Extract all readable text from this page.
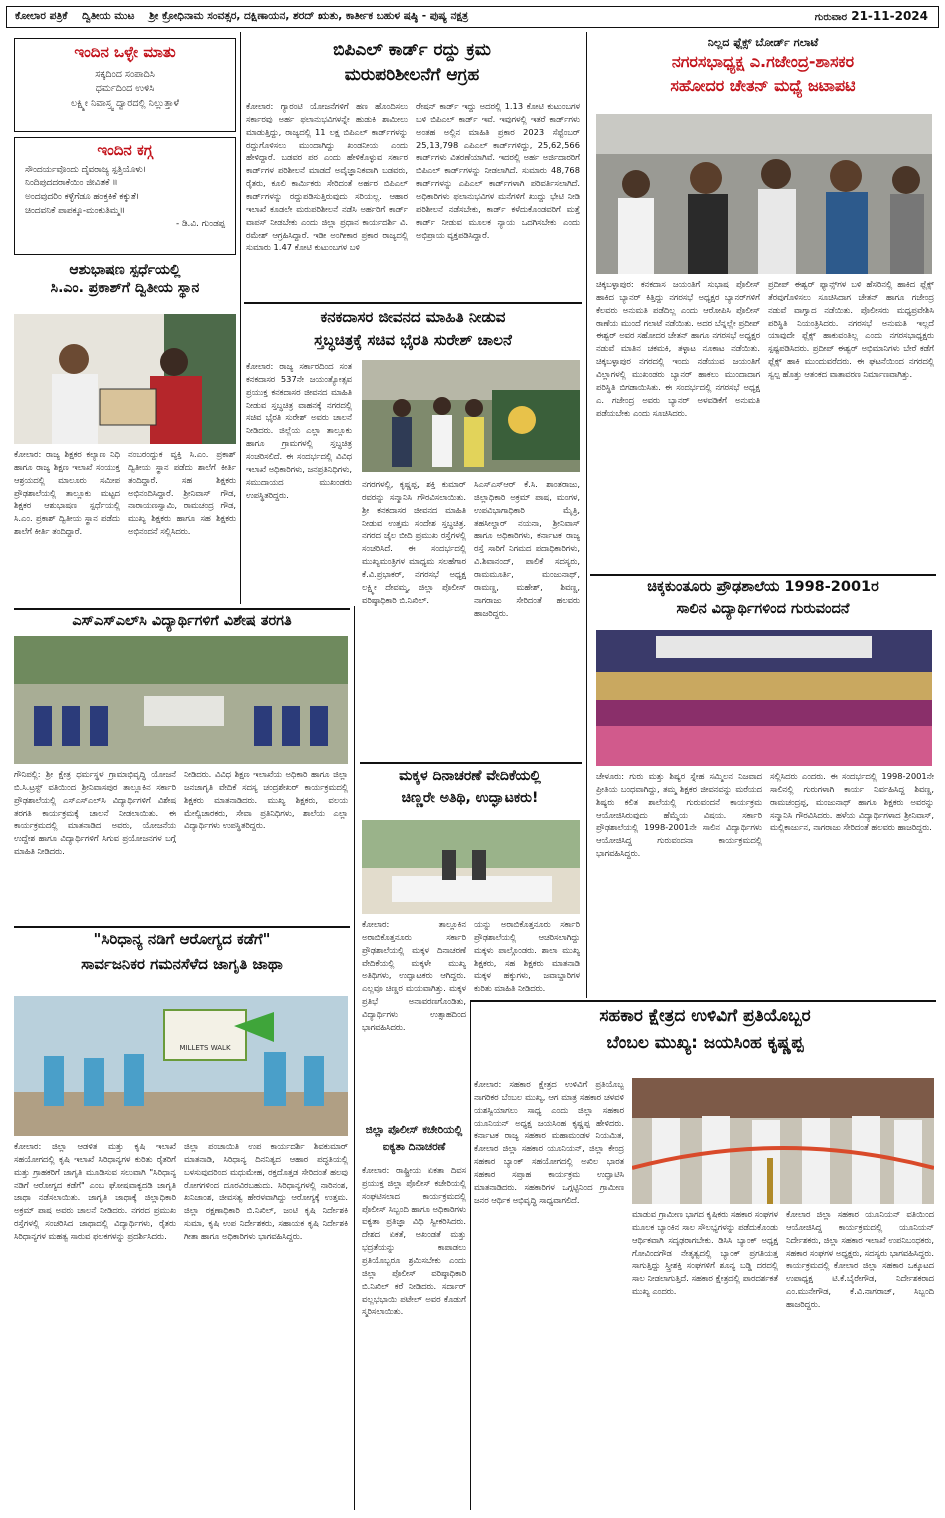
ಕೋಲಾರ ಪತ್ರಿಕೆ ದ್ವಿತೀಯ ಮುಟ ಶ್ರೀ ಕ್ರೋಧಿನಾಮ ಸಂವತ್ಸರ, ದಕ್ಷಿಣಾಯನ, ಶರದ್ ಋತು, ಕಾರ್ತೀಕ ಬಹುಳ ಷಷ್ಠಿ - ಪುಷ್ಯ ನಕ್ಷತ್ರ	ಗುರುವಾರ 21-11-2024
ಇಂದಿನ ಒಳ್ಳೇ ಮಾತು
ಸಕ್ಕದಿಂದ ಸಂಪಾದಿಸಿ
ಧರ್ಮದಿಂದ ಉಳಿಸಿ
ಲಕ್ಷ್ಮೀ ನಿವಾಸ್ತ್ವ ದ್ವಾರದಲ್ಲಿ ನಿಲ್ಲುತ್ತಾಳೆ
ಇಂದಿನ ಕಗ್ಗ
ಸೌಂದರ್ಯವೊಂದು ದೈವರಾಜ್ಯ ಸ್ಪತ್ತಿಯೊಳು।
ನಿಂದಿಪುದದರಾಕೆಯಿಂ ಜೀವಿತಕೆ ॥
ಅಂದವುದರಿಂ ಕಳ್ಳೆಗೆಡೂ ಹಂಕ್ತಕಿಕೆ ಕಕ್ಕುತೆ।
ಚಿಂದವನಿಕೆ ಪಾಪಕ್ಕೂ-ಮಂಕುತಿಮ್ಮ॥
- ಡಿ.ವಿ. ಗುಂಡಪ್ಪ
ಆಶುಭಾಷಣ ಸ್ಪರ್ಧೆಯಲ್ಲಿ
ಸಿ.ಎಂ. ಪ್ರಕಾಶ್‌ಗೆ ದ್ವಿತೀಯ ಸ್ಥಾನ
ಕೋಲಾರ: ರಾಜ್ಯ ಶಿಕ್ಷಕರ ಕಲ್ಯಾಣ ನಿಧಿ ಹಾಗೂ ರಾಜ್ಯ ಶಿಕ್ಷಣ ಇಲಾಖೆ ಸಂಯುಕ್ತ ಆಶ್ರಯದಲ್ಲಿ ಮಾಲೂರು ಸಮೀಪ ಪ್ರೌಢಶಾಲೆಯಲ್ಲಿ ತಾಲ್ಲೂಕು ಮಟ್ಟದ ಶಿಕ್ಷಕರ ಆಶುಭಾಷಣ ಸ್ಪರ್ಧೆಯಲ್ಲಿ ಸಿ.ಎಂ. ಪ್ರಕಾಶ್ ದ್ವಿತೀಯ ಸ್ಥಾನ ಪಡೆದು ಶಾಲೆಗೆ ಕೀರ್ತಿ ತಂದಿದ್ದಾರೆ.
ನಂಬರಂದ್ದುಕ ವ್ಯಕ್ತಿ ಸಿ.ಎಂ. ಪ್ರಕಾಶ್ ದ್ವಿತೀಯ ಸ್ಥಾನ ಪಡೆದು ಶಾಲೆಗೆ ಕೀರ್ತಿ ತಂದಿದ್ದಾರೆ. ಸಹ ಶಿಕ್ಷಕರು ಅಭಿನಂದಿಸಿದ್ದಾರೆ. ಶ್ರೀನಿವಾಸ್ ಗೌಡ, ನಾರಾಯಣಸ್ವಾಮಿ, ರಾಮಚಂದ್ರ ಗೌಡ, ಮುಖ್ಯ ಶಿಕ್ಷಕರು ಹಾಗೂ ಸಹ ಶಿಕ್ಷಕರು ಅಭಿನಂದನೆ ಸಲ್ಲಿಸಿದರು.
ಬಿಪಿಎಲ್ ಕಾರ್ಡ್ ರದ್ದು ಕ್ರಮ
ಮರುಪರಿಶೀಲನೆಗೆ ಆಗ್ರಹ
ಕೋಲಾರ: ಗ್ಯಾರಂಟಿ ಯೋಜನೆಗಳಿಗೆ ಹಣ ಹೊಂದಿಸಲು ಸರ್ಕಾರವು ಅರ್ಹ ಫಲಾನುಭವಿಗಳನ್ನೇ ಹುಡುಕಿ ಶಾಮೀಲು ಮಾಡುತ್ತಿದ್ದು, ರಾಜ್ಯದಲ್ಲಿ 11 ಲಕ್ಷ ಬಿಪಿಎಲ್ ಕಾರ್ಡ್‌ಗಳನ್ನು ರದ್ದುಗೊಳಿಸಲು ಮುಂದಾಗಿದ್ದು ಖಂಡನೀಯ ಎಂದು ಹೇಳಿದ್ದಾರೆ. ಬಡವರ ಪರ ಎಂದು ಹೇಳಿಕೊಳ್ಳುವ ಸರ್ಕಾರ ಕಾರ್ಡ್‌ಗಳ ಪರಿಶೀಲನೆ ಮಾಡದೆ ಅವೈಜ್ಞಾನಿಕವಾಗಿ ಬಡವರು, ರೈತರು, ಕೂಲಿ ಕಾರ್ಮಿಕರು ಸೇರಿದಂತೆ ಅರ್ಹರ ಬಿಪಿಎಲ್ ಕಾರ್ಡ್‌ಗಳನ್ನು ರದ್ದುಪಡಿಸುತ್ತಿರುವುದು ಸರಿಯಲ್ಲ. ಆಹಾರ ಇಲಾಖೆ ಕೂಡಲೇ ಮರುಪರಿಶೀಲನೆ ನಡೆಸಿ ಅರ್ಹರಿಗೆ ಕಾರ್ಡ್ ವಾಪಸ್ ನೀಡಬೇಕು ಎಂದು ಜಿಲ್ಲಾ ಪ್ರಧಾನ ಕಾರ್ಯದರ್ಶಿ ವಿ. ರಮೇಶ್ ಆಗ್ರಹಿಸಿದ್ದಾರೆ. ಇಡೀ ಅಂಗೀಕಾರ ಪ್ರಕಾರ ರಾಜ್ಯದಲ್ಲಿ ಸುಮಾರು 1.47 ಕೋಟಿ ಕುಟುಂಬಗಳ ಬಳಿ
ರೇಷನ್ ಕಾರ್ಡ್ ಇದ್ದು ಅದರಲ್ಲಿ 1.13 ಕೋಟಿ ಕುಟುಂಬಗಳ ಬಳಿ ಬಿಪಿಎಲ್ ಕಾರ್ಡ್ ಇವೆ. ಇವುಗಳಲ್ಲಿ ಇತರೆ ಕಾರ್ಡ್‌ಗಳು ಅಂತಹ ಅಲ್ಲಿನ ಮಾಹಿತಿ ಪ್ರಕಾರ 2023 ಸೆಪ್ಟೆಂಬರ್ 25,13,798 ಎಪಿಎಲ್ ಕಾರ್ಡ್‌ಗಳಿದ್ದು, 25,62,566 ಕಾರ್ಡ್‌ಗಳು ವಿತರಣೆಯಾಗಿವೆ. ಇದರಲ್ಲಿ ಅರ್ಹ ಅರ್ಜಿದಾರರಿಗೆ ಬಿಪಿಎಲ್ ಕಾರ್ಡ್‌ಗಳನ್ನು ನೀಡಲಾಗಿದೆ. ಸುಮಾರು 48,768 ಕಾರ್ಡ್‌ಗಳನ್ನು ಎಪಿಎಲ್ ಕಾರ್ಡ್‌ಗಳಾಗಿ ಪರಿವರ್ತಿಸಲಾಗಿದೆ. ಅಧಿಕಾರಿಗಳು ಫಲಾನುಭವಿಗಳ ಮನೆಗಳಿಗೆ ಖುದ್ದು ಭೇಟಿ ನೀಡಿ ಪರಿಶೀಲನೆ ನಡೆಸಬೇಕು, ಕಾರ್ಡ್ ಕಳೆದುಕೊಂಡವರಿಗೆ ಮತ್ತೆ ಕಾರ್ಡ್ ನೀಡುವ ಮೂಲಕ ನ್ಯಾಯ ಒದಗಿಸಬೇಕು ಎಂದು ಅಭಿಪ್ರಾಯ ವ್ಯಕ್ತಪಡಿಸಿದ್ದಾರೆ.
ಕನಕದಾಸರ ಜೀವನದ ಮಾಹಿತಿ ನೀಡುವ
ಸ್ತಬ್ಧಚಿತ್ರಕ್ಕೆ ಸಚಿವ ಭೈರತಿ ಸುರೇಶ್ ಚಾಲನೆ
ಕೋಲಾರ: ರಾಜ್ಯ ಸರ್ಕಾರದಿಂದ ಸಂತ ಕನಕದಾಸರ 537ನೇ ಜಯಂತ್ಯೋತ್ಸವ ಪ್ರಯುಕ್ತ ಕನಕದಾಸರ ಜೀವನದ ಮಾಹಿತಿ ನೀಡುವ ಸ್ತಬ್ಧಚಿತ್ರ ವಾಹನಕ್ಕೆ ನಗರದಲ್ಲಿ ಸಚಿವ ಭೈರತಿ ಸುರೇಶ್ ಅವರು ಚಾಲನೆ ನೀಡಿದರು. ಜಿಲ್ಲೆಯ ಎಲ್ಲಾ ತಾಲ್ಲೂಕು ಹಾಗೂ ಗ್ರಾಮಗಳಲ್ಲಿ ಸ್ತಬ್ಧಚಿತ್ರ ಸಂಚರಿಸಲಿದೆ. ಈ ಸಂದರ್ಭದಲ್ಲಿ ವಿವಿಧ ಇಲಾಖೆ ಅಧಿಕಾರಿಗಳು, ಜನಪ್ರತಿನಿಧಿಗಳು, ಸಮುದಾಯದ ಮುಖಂಡರು ಉಪಸ್ಥಿತರಿದ್ದರು.
ನಗರಗಳಲ್ಲಿ, ಕೃಷ್ಣಪ್ಪ, ಶಕ್ತಿ ಕುಮಾರ್ ರವರನ್ನು ಸನ್ಮಾನಿಸಿ ಗೌರವಿಸಲಾಯಿತು. ಶ್ರೀ ಕನಕದಾಸರ ಜೀವನದ ಮಾಹಿತಿ ನೀಡುವ ಉತ್ತಮ ಸಂದೇಶ ಸ್ತಬ್ಧಚಿತ್ರ. ನಗರದ ಜೈಲ ಬೀದಿ ಪ್ರಮುಖ ರಸ್ತೆಗಳಲ್ಲಿ ಸಂಚರಿಸಿದೆ. ಈ ಸಂದರ್ಭದಲ್ಲಿ ಮುಖ್ಯಮಂತ್ರಿಗಳ ಮಾಧ್ಯಮ ಸಲಹೆಗಾರ ಕೆ.ವಿ.ಪ್ರಭಾಕರ್, ನಗರಸಭೆ ಅಧ್ಯಕ್ಷ ಲಕ್ಷ್ಮೀ ದೇವಮ್ಮ, ಜಿಲ್ಲಾ ಪೊಲೀಸ್ ವರಿಷ್ಠಾಧಿಕಾರಿ ಬಿ.ನಿಖಿಲ್.
ಸಿಎಸ್‌ಎಸ್‌ಆರ್ ಕೆ.ಸಿ. ಶಾಂತರಾಜು, ಜಿಲ್ಲಾಧಿಕಾರಿ ಅಕ್ರಮ್ ಪಾಷ, ಮಂಗಳ, ಉಪವಿಭಾಗಾಧಿಕಾರಿ ಮೈತ್ರಿ, ತಹಸೀಲ್ದಾರ್ ನಯನಾ, ಶ್ರೀನಿವಾಸ್ ಹಾಗೂ ಅಧಿಕಾರಿಗಳು, ಕರ್ನಾಟಕ ರಾಜ್ಯ ರಸ್ತೆ ಸಾರಿಗೆ ನಿಗಮದ ಪದಾಧಿಕಾರಿಗಳು, ವಿ.ಶಿವಾನಂದ್, ಪಾಲಿಕೆ ಸದಸ್ಯರು, ರಾಮಮೂರ್ತಿ, ಮಂಜುನಾಥ್, ರಾಮಣ್ಣ, ಮಹೇಶ್, ಶಿವಣ್ಣ, ನಾಗರಾಜು ಸೇರಿದಂತೆ ಹಲವರು ಹಾಜರಿದ್ದರು.
ನಿಲ್ಲದ ಫ್ಲೆಕ್ಸ್ ಬೋರ್ಡ್ ಗಲಾಟೆ
ನಗರಸಭಾಧ್ಯಕ್ಷ ಎ.ಗಜೇಂದ್ರ-ಶಾಸಕರ
ಸಹೋದರ ಚೇತನ್ ಮಧ್ಯೆ ಜಟಾಪಟಿ
ಚಿಕ್ಕಬಳ್ಳಾಪುರ: ಕನಕದಾಸ ಜಯಂತಿಗೆ ಸುಭಾಷ ಪೊಲೀಸ್ ಹಾಕಿದ ಬ್ಯಾನರ್ ಕಿತ್ತಿದ್ದು ನಗರಸಭೆ ಅಧ್ಯಕ್ಷರ ಬ್ಯಾನರ್‌ಗಳಿಗೆ ಕೆಲವರು ಅನುಮತಿ ಪಡೆದಿಲ್ಲ ಎಂದು ಆರೋಪಿಸಿ ಪೊಲೀಸ್ ಠಾಣೆಯ ಮುಂದೆ ಗಲಾಟೆ ನಡೆಯಿತು. ಅದರ ಬೆನ್ನಲ್ಲೇ ಪ್ರದೀಪ್ ಈಶ್ವರ್ ಅವರ ಸಹೋದರ ಚೇತನ್ ಹಾಗೂ ನಗರಸಭೆ ಅಧ್ಯಕ್ಷರ ನಡುವೆ ಮಾತಿನ ಚಕಮಕಿ, ತಳ್ಳಾಟ ನೂಕಾಟ ನಡೆಯಿತು. ಚಿಕ್ಕಬಳ್ಳಾಪುರ ನಗರದಲ್ಲಿ ಇಂದು ನಡೆಯುವ ಜಯಂತಿಗೆ ವಿಲ್ಲಾಗಳಲ್ಲಿ ಮುಖಂಡರು ಬ್ಯಾನರ್ ಹಾಕಲು ಮುಂದಾದಾಗ ಪರಿಸ್ಥಿತಿ ಬಿಗಡಾಯಿಸಿತು. ಈ ಸಂದರ್ಭದಲ್ಲಿ ನಗರಸಭೆ ಅಧ್ಯಕ್ಷ ಎ. ಗಜೇಂದ್ರ ಅವರು ಬ್ಯಾನರ್ ಅಳವಡಿಕೆಗೆ ಅನುಮತಿ ಪಡೆಯಬೇಕು ಎಂದು ಸೂಚಿಸಿದರು.
ಪ್ರದೀಪ್ ಈಶ್ವರ್ ಫ್ಯಾನ್ಸ್‌ಗಳ ಬಳಿ ಹೆಸರಿನಲ್ಲಿ ಹಾಕಿದ ಫ್ಲೆಕ್ಸ್ ತೆರವುಗೊಳಿಸಲು ಸೂಚಿಸಿದಾಗ ಚೇತನ್ ಹಾಗೂ ಗಜೇಂದ್ರ ನಡುವೆ ವಾಗ್ವಾದ ನಡೆಯಿತು. ಪೊಲೀಸರು ಮಧ್ಯಪ್ರವೇಶಿಸಿ ಪರಿಸ್ಥಿತಿ ನಿಯಂತ್ರಿಸಿದರು. ನಗರಸಭೆ ಅನುಮತಿ ಇಲ್ಲದೆ ಯಾವುದೇ ಫ್ಲೆಕ್ಸ್ ಹಾಕುವಂತಿಲ್ಲ ಎಂದು ನಗರಸಭಾಧ್ಯಕ್ಷರು ಸ್ಪಷ್ಟಪಡಿಸಿದರು. ಪ್ರದೀಪ್ ಈಶ್ವರ್ ಅಭಿಮಾನಿಗಳು ಬೇರೆ ಕಡೆಗೆ ಫ್ಲೆಕ್ಸ್ ಹಾಕಿ ಮುಂದುವರೆದರು. ಈ ಘಟನೆಯಿಂದ ನಗರದಲ್ಲಿ ಸ್ವಲ್ಪ ಹೊತ್ತು ಆತಂಕದ ವಾತಾವರಣ ನಿರ್ಮಾಣವಾಗಿತ್ತು.
ಎಸ್‌ಎಸ್‌ಎಲ್‌ಸಿ ವಿದ್ಯಾರ್ಥಿಗಳಿಗೆ ವಿಶೇಷ ತರಗತಿ
ಗೌನಿಪಲ್ಲಿ: ಶ್ರೀ ಕ್ಷೇತ್ರ ಧರ್ಮಸ್ಥಳ ಗ್ರಾಮಾಭಿವೃದ್ಧಿ ಯೋಜನೆ ಬಿ.ಸಿ.ಟ್ರಸ್ಟ್ ವತಿಯಿಂದ ಶ್ರೀನಿವಾಸಪುರ ತಾಲ್ಲೂಕಿನ ಸರ್ಕಾರಿ ಪ್ರೌಢಶಾಲೆಯಲ್ಲಿ ಎಸ್‌ಎಸ್‌ಎಲ್‌ಸಿ ವಿದ್ಯಾರ್ಥಿಗಳಿಗೆ ವಿಶೇಷ ತರಗತಿ ಕಾರ್ಯಕ್ರಮಕ್ಕೆ ಚಾಲನೆ ನೀಡಲಾಯಿತು. ಈ ಕಾರ್ಯಕ್ರಮದಲ್ಲಿ ಮಾತನಾಡಿದ ಅವರು, ಯೋಜನೆಯ ಉದ್ದೇಶ ಹಾಗೂ ವಿದ್ಯಾರ್ಥಿಗಳಿಗೆ ಸಿಗುವ ಪ್ರಯೋಜನಗಳ ಬಗ್ಗೆ ಮಾಹಿತಿ ನೀಡಿದರು.
ನೀಡಿದರು. ವಿವಿಧ ಶಿಕ್ಷಣ ಇಲಾಖೆಯ ಅಧಿಕಾರಿ ಹಾಗೂ ಜಿಲ್ಲಾ ಜನಜಾಗೃತಿ ವೇದಿಕೆ ಸದಸ್ಯ ಚಂದ್ರಶೇಖರ್ ಕಾರ್ಯಕ್ರಮದಲ್ಲಿ ಶಿಕ್ಷಕರು ಮಾತನಾಡಿದರು. ಮುಖ್ಯ ಶಿಕ್ಷಕರು, ವಲಯ ಮೇಲ್ವಿಚಾರಕರು, ಸೇವಾ ಪ್ರತಿನಿಧಿಗಳು, ಶಾಲೆಯ ಎಲ್ಲಾ ವಿದ್ಯಾರ್ಥಿಗಳು ಉಪಸ್ಥಿತರಿದ್ದರು.
ಚಿಕ್ಕಕುಂತೂರು ಪ್ರೌಢಶಾಲೆಯ 1998-2001ರ
ಸಾಲಿನ ವಿದ್ಯಾರ್ಥಿಗಳಿಂದ ಗುರುವಂದನೆ
ಚೇಳೂರು: ಗುರು ಮತ್ತು ಶಿಷ್ಯರ ಸ್ನೇಹ ಸಮ್ಮಿಲನ ನಿಜವಾದ ಪ್ರೀತಿಯ ಬಂಧವಾಗಿದ್ದು, ತಮ್ಮ ಶಿಕ್ಷಕರ ಜೀವನವನ್ನು ಮರೆಯದ ಶಿಷ್ಯರು ಕಲಿತ ಶಾಲೆಯಲ್ಲಿ ಗುರುವಂದನೆ ಕಾರ್ಯಕ್ರಮ ಆಯೋಜಿಸಿರುವುದು ಹೆಮ್ಮೆಯ ವಿಷಯ. ಸರ್ಕಾರಿ ಪ್ರೌಢಶಾಲೆಯಲ್ಲಿ 1998-2001ನೇ ಸಾಲಿನ ವಿದ್ಯಾರ್ಥಿಗಳು ಆಯೋಜಿಸಿದ್ದ ಗುರುವಂದನಾ ಕಾರ್ಯಕ್ರಮದಲ್ಲಿ ಭಾಗವಹಿಸಿದ್ದರು.
ಸಲ್ಲಿಸಿದರು ಎಂದರು. ಈ ಸಂದರ್ಭದಲ್ಲಿ 1998-2001ನೇ ಸಾಲಿನಲ್ಲಿ ಗುರುಗಳಾಗಿ ಕಾರ್ಯ ನಿರ್ವಹಿಸಿದ್ದ ಶಿವಣ್ಣ, ರಾಮಚಂದ್ರಪ್ಪ, ಮಂಜುನಾಥ್ ಹಾಗೂ ಶಿಕ್ಷಕರು ಅವರನ್ನು ಸನ್ಮಾನಿಸಿ ಗೌರವಿಸಿದರು. ಹಳೆಯ ವಿದ್ಯಾರ್ಥಿಗಳಾದ ಶ್ರೀನಿವಾಸ್, ಮಲ್ಲಿಕಾರ್ಜುನ, ನಾಗರಾಜು ಸೇರಿದಂತೆ ಹಲವರು ಹಾಜರಿದ್ದರು.
ಮಕ್ಕಳ ದಿನಾಚರಣೆ ವೇದಿಕೆಯಲ್ಲಿ
ಚಿಣ್ಣರೇ ಅತಿಥಿ, ಉದ್ಘಾಟಕರು!
ಕೋಲಾರ: ತಾಲ್ಲೂಕಿನ ಅರಾಬಿಕೊತ್ತನೂರು ಸರ್ಕಾರಿ ಪ್ರೌಢಶಾಲೆಯಲ್ಲಿ ಮಕ್ಕಳ ದಿನಾಚರಣೆ ವೇದಿಕೆಯಲ್ಲಿ ಮಕ್ಕಳೇ ಮುಖ್ಯ ಅತಿಥಿಗಳು, ಉದ್ಘಾಟಕರು ಆಗಿದ್ದರು. ಎಲ್ಲವೂ ಚಿಣ್ಣರ ಮಯವಾಗಿತ್ತು. ಮಕ್ಕಳ ಪ್ರತಿಭೆ ಅನಾವರಣಗೊಂಡಿತು, ವಿದ್ಯಾರ್ಥಿಗಳು ಉತ್ಸಾಹದಿಂದ ಭಾಗವಹಿಸಿದರು.
ಯನ್ನು ಅರಾಬಿಕೊತ್ತನೂರು ಸರ್ಕಾರಿ ಪ್ರೌಢಶಾಲೆಯಲ್ಲಿ ಆಚರಿಸಲಾಗಿದ್ದು ಮಕ್ಕಳು ಪಾಲ್ಗೊಂಡರು. ಶಾಲಾ ಮುಖ್ಯ ಶಿಕ್ಷಕರು, ಸಹ ಶಿಕ್ಷಕರು ಮಾತನಾಡಿ ಮಕ್ಕಳ ಹಕ್ಕುಗಳು, ಜವಾಬ್ದಾರಿಗಳ ಕುರಿತು ಮಾಹಿತಿ ನೀಡಿದರು.
"ಸಿರಿಧಾನ್ಯ ನಡಿಗೆ ಆರೋಗ್ಯದ ಕಡೆಗೆ"
ಸಾರ್ವಜನಿಕರ ಗಮನಸೆಳೆದ ಜಾಗೃತಿ ಜಾಥಾ
MILLETS WALK
ಕೋಲಾರ: ಜಿಲ್ಲಾ ಆಡಳಿತ ಮತ್ತು ಕೃಷಿ ಇಲಾಖೆ ಸಹಯೋಗದಲ್ಲಿ ಕೃಷಿ ಇಲಾಖೆ ಸಿರಿಧಾನ್ಯಗಳ ಕುರಿತು ರೈತರಿಗೆ ಮತ್ತು ಗ್ರಾಹಕರಿಗೆ ಜಾಗೃತಿ ಮೂಡಿಸುವ ಸಲುವಾಗಿ "ಸಿರಿಧಾನ್ಯ ನಡಿಗೆ ಆರೋಗ್ಯದ ಕಡೆಗೆ" ಎಂಬ ಘೋಷವಾಕ್ಯದಡಿ ಜಾಗೃತಿ ಜಾಥಾ ನಡೆಸಲಾಯಿತು. ಜಾಗೃತಿ ಜಾಥಾಕ್ಕೆ ಜಿಲ್ಲಾಧಿಕಾರಿ ಅಕ್ರಮ್ ಪಾಷ ಅವರು ಚಾಲನೆ ನೀಡಿದರು. ನಗರದ ಪ್ರಮುಖ ರಸ್ತೆಗಳಲ್ಲಿ ಸಂಚರಿಸಿದ ಜಾಥಾದಲ್ಲಿ ವಿದ್ಯಾರ್ಥಿಗಳು, ರೈತರು ಸಿರಿಧಾನ್ಯಗಳ ಮಹತ್ವ ಸಾರುವ ಫಲಕಗಳನ್ನು ಪ್ರದರ್ಶಿಸಿದರು.
ಜಿಲ್ಲಾ ಪಂಚಾಯಿತಿ ಉಪ ಕಾರ್ಯದರ್ಶಿ ಶಿವಕುಮಾರ್ ಮಾತನಾಡಿ, ಸಿರಿಧಾನ್ಯ ದಿನನಿತ್ಯದ ಆಹಾರ ಪದ್ಧತಿಯಲ್ಲಿ ಬಳಸುವುದರಿಂದ ಮಧುಮೇಹ, ರಕ್ತದೊತ್ತಡ ಸೇರಿದಂತೆ ಹಲವು ರೋಗಗಳಿಂದ ದೂರವಿರಬಹುದು. ಸಿರಿಧಾನ್ಯಗಳಲ್ಲಿ ನಾರಿನಂಶ, ಖನಿಜಾಂಶ, ಜೀವಸತ್ವ ಹೇರಳವಾಗಿದ್ದು ಆರೋಗ್ಯಕ್ಕೆ ಉತ್ತಮ. ಜಿಲ್ಲಾ ರಕ್ಷಣಾಧಿಕಾರಿ ಬಿ.ನಿಖಿಲ್, ಜಂಟಿ ಕೃಷಿ ನಿರ್ದೇಶಕಿ ಸುಮಾ, ಕೃಷಿ ಉಪ ನಿರ್ದೇಶಕರು, ಸಹಾಯಕ ಕೃಷಿ ನಿರ್ದೇಶಕಿ ಗೀತಾ ಹಾಗೂ ಅಧಿಕಾರಿಗಳು ಭಾಗವಹಿಸಿದ್ದರು.
ಜಿಲ್ಲಾ ಪೊಲೀಸ್ ಕಚೇರಿಯಲ್ಲಿ
ಐಕ್ಯತಾ ದಿನಾಚರಣೆ
ಕೋಲಾರ: ರಾಷ್ಟ್ರೀಯ ಏಕತಾ ದಿವಸ ಪ್ರಯುಕ್ತ ಜಿಲ್ಲಾ ಪೊಲೀಸ್ ಕಚೇರಿಯಲ್ಲಿ ಸಂಘಟಿಸಲಾದ ಕಾರ್ಯಕ್ರಮದಲ್ಲಿ ಪೊಲೀಸ್ ಸಿಬ್ಬಂದಿ ಹಾಗೂ ಅಧಿಕಾರಿಗಳು ಐಕ್ಯತಾ ಪ್ರತಿಜ್ಞಾ ವಿಧಿ ಸ್ವೀಕರಿಸಿದರು. ದೇಶದ ಏಕತೆ, ಅಖಂಡತೆ ಮತ್ತು ಭದ್ರತೆಯನ್ನು ಕಾಪಾಡಲು ಪ್ರತಿಯೊಬ್ಬರೂ ಶ್ರಮಿಸಬೇಕು ಎಂದು ಜಿಲ್ಲಾ ಪೊಲೀಸ್ ವರಿಷ್ಠಾಧಿಕಾರಿ ಬಿ.ನಿಖಿಲ್ ಕರೆ ನೀಡಿದರು. ಸರ್ದಾರ್ ವಲ್ಲಭಭಾಯಿ ಪಟೇಲ್ ಅವರ ಕೊಡುಗೆ ಸ್ಮರಿಸಲಾಯಿತು.
ಸಹಕಾರ ಕ್ಷೇತ್ರದ ಉಳಿವಿಗೆ ಪ್ರತಿಯೊಬ್ಬರ
ಬೆಂಬಲ ಮುಖ್ಯ: ಜಯಸಿಂಹ ಕೃಷ್ಣಪ್ಪ
ಕೋಲಾರ: ಸಹಕಾರ ಕ್ಷೇತ್ರದ ಉಳಿವಿಗೆ ಪ್ರತಿಯೊಬ್ಬ ನಾಗರಿಕರ ಬೆಂಬಲ ಮುಖ್ಯ, ಆಗ ಮಾತ್ರ ಸಹಕಾರ ಚಳವಳಿ ಯಶಸ್ವಿಯಾಗಲು ಸಾಧ್ಯ ಎಂದು ಜಿಲ್ಲಾ ಸಹಕಾರ ಯೂನಿಯನ್ ಅಧ್ಯಕ್ಷ ಜಯಸಿಂಹ ಕೃಷ್ಣಪ್ಪ ಹೇಳಿದರು. ಕರ್ನಾಟಕ ರಾಜ್ಯ ಸಹಕಾರ ಮಹಾಮಂಡಳ ನಿಯಮಿತ, ಕೋಲಾರ ಜಿಲ್ಲಾ ಸಹಕಾರ ಯೂನಿಯನ್, ಜಿಲ್ಲಾ ಕೇಂದ್ರ ಸಹಕಾರ ಬ್ಯಾಂಕ್ ಸಹಯೋಗದಲ್ಲಿ ಅಖಿಲ ಭಾರತ ಸಹಕಾರ ಸಪ್ತಾಹ ಕಾರ್ಯಕ್ರಮ ಉದ್ಘಾಟಿಸಿ ಮಾತನಾಡಿದರು. ಸಹಕಾರಿಗಳ ಒಗ್ಗಟ್ಟಿನಿಂದ ಗ್ರಾಮೀಣ ಜನರ ಆರ್ಥಿಕ ಅಭಿವೃದ್ಧಿ ಸಾಧ್ಯವಾಗಲಿದೆ.
ಮಾಡುವ ಗ್ರಾಮೀಣ ಭಾಗದ ಕೃಷಿಕರು ಸಹಕಾರ ಸಂಘಗಳ ಮೂಲಕ ಬ್ಯಾಂಕಿನ ಸಾಲ ಸೌಲಭ್ಯಗಳನ್ನು ಪಡೆದುಕೊಂಡು ಆರ್ಥಿಕವಾಗಿ ಸದೃಢರಾಗಬೇಕು. ಡಿಸಿಸಿ ಬ್ಯಾಂಕ್ ಅಧ್ಯಕ್ಷ ಗೋವಿಂದಗೌಡ ನೇತೃತ್ವದಲ್ಲಿ ಬ್ಯಾಂಕ್ ಪ್ರಗತಿಯತ್ತ ಸಾಗುತ್ತಿದ್ದು ಸ್ತ್ರೀಶಕ್ತಿ ಸಂಘಗಳಿಗೆ ಶೂನ್ಯ ಬಡ್ಡಿ ದರದಲ್ಲಿ ಸಾಲ ನೀಡಲಾಗುತ್ತಿದೆ. ಸಹಕಾರ ಕ್ಷೇತ್ರದಲ್ಲಿ ಪಾರದರ್ಶಕತೆ ಮುಖ್ಯ ಎಂದರು.
ಕೋಲಾರ ಜಿಲ್ಲಾ ಸಹಕಾರ ಯೂನಿಯನ್ ವತಿಯಿಂದ ಆಯೋಜಿಸಿದ್ದ ಕಾರ್ಯಕ್ರಮದಲ್ಲಿ ಯೂನಿಯನ್ ನಿರ್ದೇಶಕರು, ಜಿಲ್ಲಾ ಸಹಕಾರ ಇಲಾಖೆ ಉಪನಿಬಂಧಕರು, ಸಹಕಾರ ಸಂಘಗಳ ಅಧ್ಯಕ್ಷರು, ಸದಸ್ಯರು ಭಾಗವಹಿಸಿದ್ದರು. ಕಾರ್ಯಕ್ರಮದಲ್ಲಿ ಕೋಲಾರ ಜಿಲ್ಲಾ ಸಹಕಾರ ಒಕ್ಕೂಟದ ಉಪಾಧ್ಯಕ್ಷ ಟಿ.ಕೆ.ಬೈರೇಗೌಡ, ನಿರ್ದೇಶಕರಾದ ಎಂ.ಮುನೇಗೌಡ, ಕೆ.ವಿ.ನಾಗರಾಜ್, ಸಿಬ್ಬಂದಿ ಹಾಜರಿದ್ದರು.
